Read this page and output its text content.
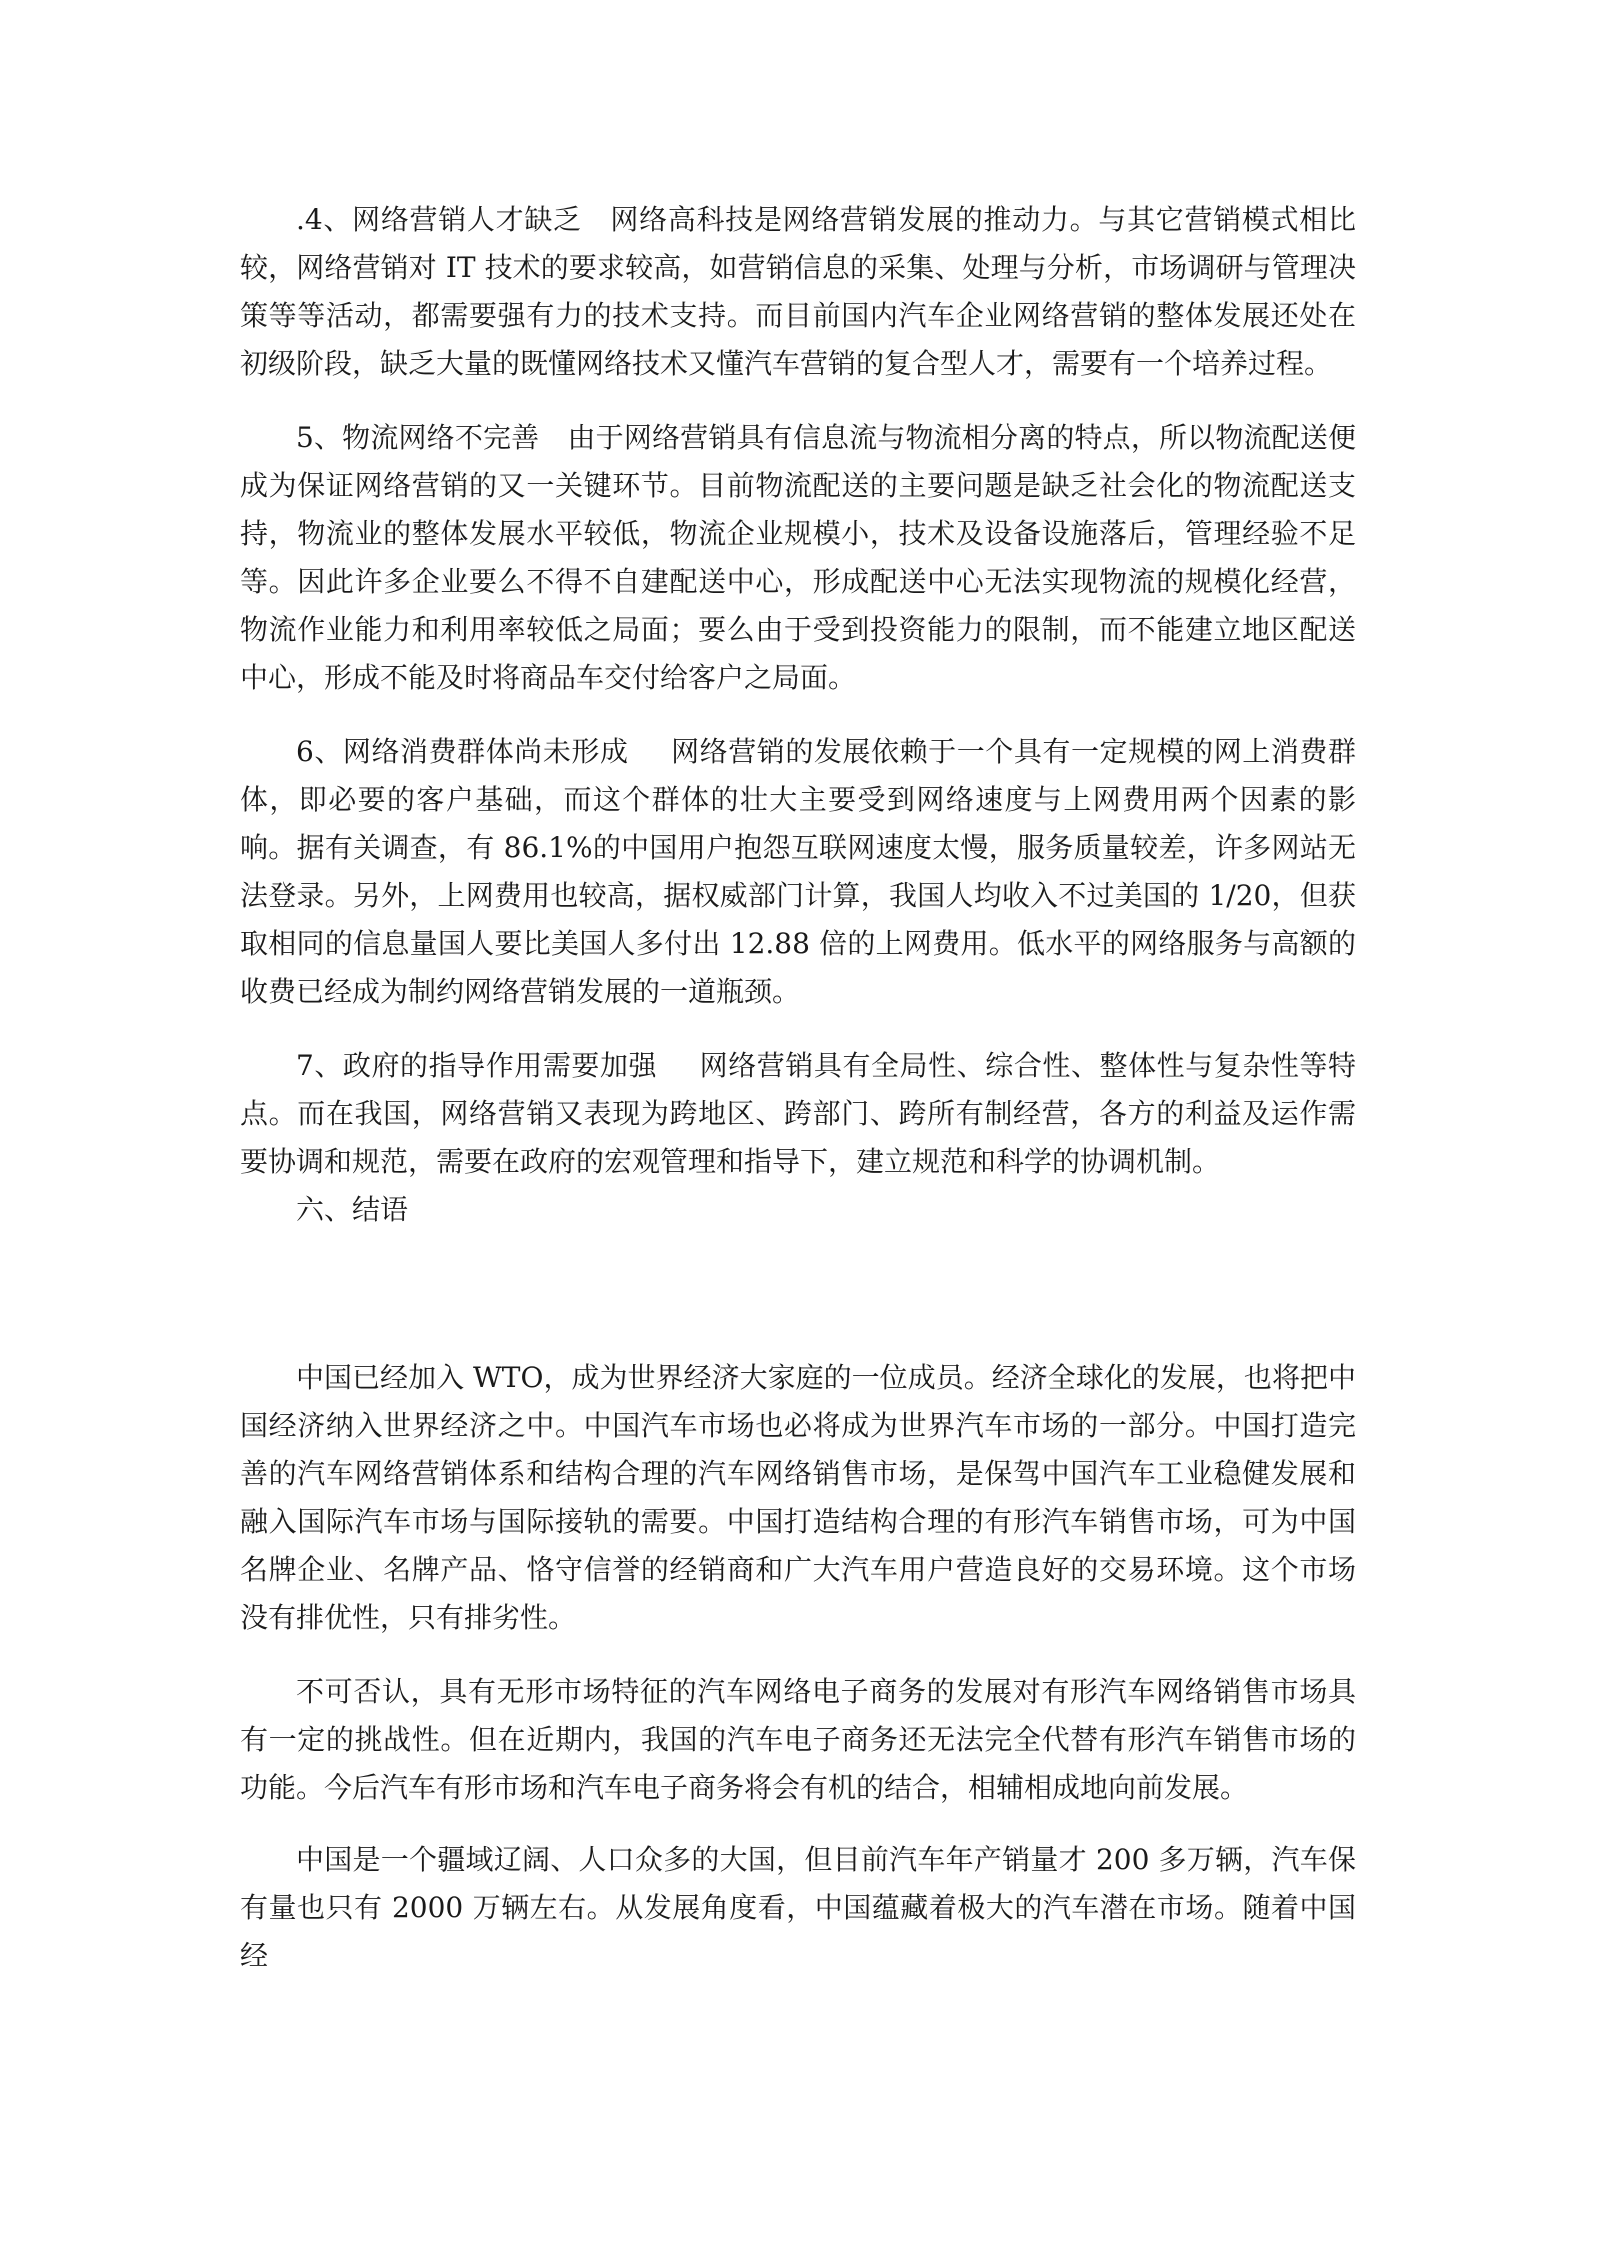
.4、网络营销人才缺乏  网络高科技是网络营销发展的推动力。与其它营销模式相比较，网络营销对 IT 技术的要求较高，如营销信息的采集、处理与分析，市场调研与管理决策等等活动，都需要强有力的技术支持。而目前国内汽车企业网络营销的整体发展还处在初级阶段，缺乏大量的既懂网络技术又懂汽车营销的复合型人才，需要有一个培养过程。

5、物流网络不完善  由于网络营销具有信息流与物流相分离的特点，所以物流配送便成为保证网络营销的又一关键环节。目前物流配送的主要问题是缺乏社会化的物流配送支持，物流业的整体发展水平较低，物流企业规模小，技术及设备设施落后，管理经验不足等。因此许多企业要么不得不自建配送中心，形成配送中心无法实现物流的规模化经营，物流作业能力和利用率较低之局面；要么由于受到投资能力的限制，而不能建立地区配送中心，形成不能及时将商品车交付给客户之局面。

6、网络消费群体尚未形成   网络营销的发展依赖于一个具有一定规模的网上消费群体，即必要的客户基础，而这个群体的壮大主要受到网络速度与上网费用两个因素的影响。据有关调查，有 86.1%的中国用户抱怨互联网速度太慢，服务质量较差，许多网站无法登录。另外，上网费用也较高，据权威部门计算，我国人均收入不过美国的 1/20，但获取相同的信息量国人要比美国人多付出 12.88 倍的上网费用。低水平的网络服务与高额的收费已经成为制约网络营销发展的一道瓶颈。

7、政府的指导作用需要加强   网络营销具有全局性、综合性、整体性与复杂性等特点。而在我国，网络营销又表现为跨地区、跨部门、跨所有制经营，各方的利益及运作需要协调和规范，需要在政府的宏观管理和指导下，建立规范和科学的协调机制。

六、结语

中国已经加入 WTO，成为世界经济大家庭的一位成员。经济全球化的发展，也将把中国经济纳入世界经济之中。中国汽车市场也必将成为世界汽车市场的一部分。中国打造完善的汽车网络营销体系和结构合理的汽车网络销售市场，是保驾中国汽车工业稳健发展和融入国际汽车市场与国际接轨的需要。中国打造结构合理的有形汽车销售市场，可为中国名牌企业、名牌产品、恪守信誉的经销商和广大汽车用户营造良好的交易环境。这个市场没有排优性，只有排劣性。

不可否认，具有无形市场特征的汽车网络电子商务的发展对有形汽车网络销售市场具有一定的挑战性。但在近期内，我国的汽车电子商务还无法完全代替有形汽车销售市场的功能。今后汽车有形市场和汽车电子商务将会有机的结合，相辅相成地向前发展。

中国是一个疆域辽阔、人口众多的大国，但目前汽车年产销量才 200 多万辆，汽车保有量也只有 2000 万辆左右。从发展角度看，中国蕴藏着极大的汽车潜在市场。随着中国经
